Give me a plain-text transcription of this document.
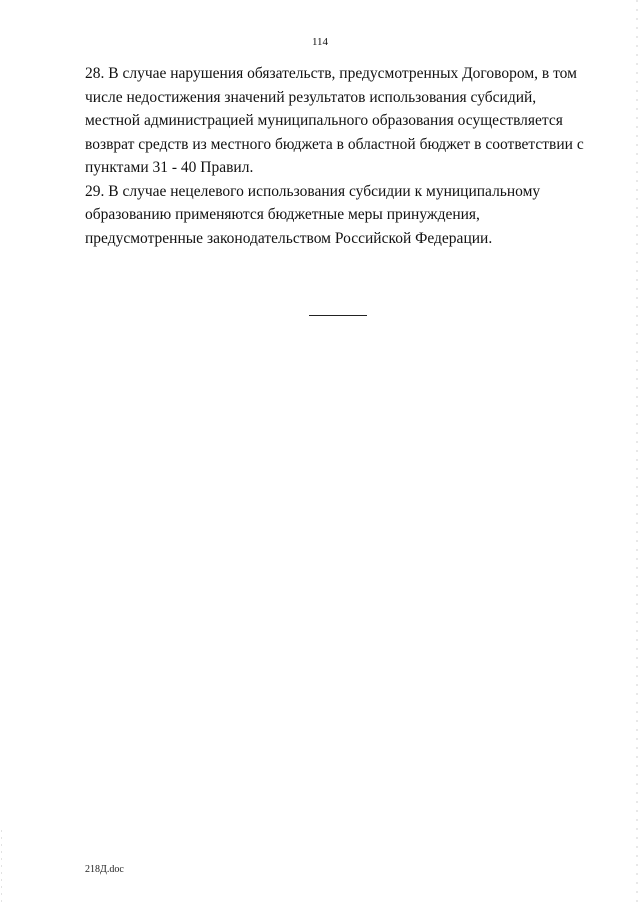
114
28. В случае нарушения обязательств, предусмотренных Договором, в том числе недостижения значений результатов использования субсидий, местной администрацией муниципального образования осуществляется возврат средств из местного бюджета в областной бюджет в соответствии с пунктами 31 - 40 Правил.
29. В случае нецелевого использования субсидии к муниципальному образованию применяются бюджетные меры принуждения, предусмотренные законодательством Российской Федерации.
218Д.doc
